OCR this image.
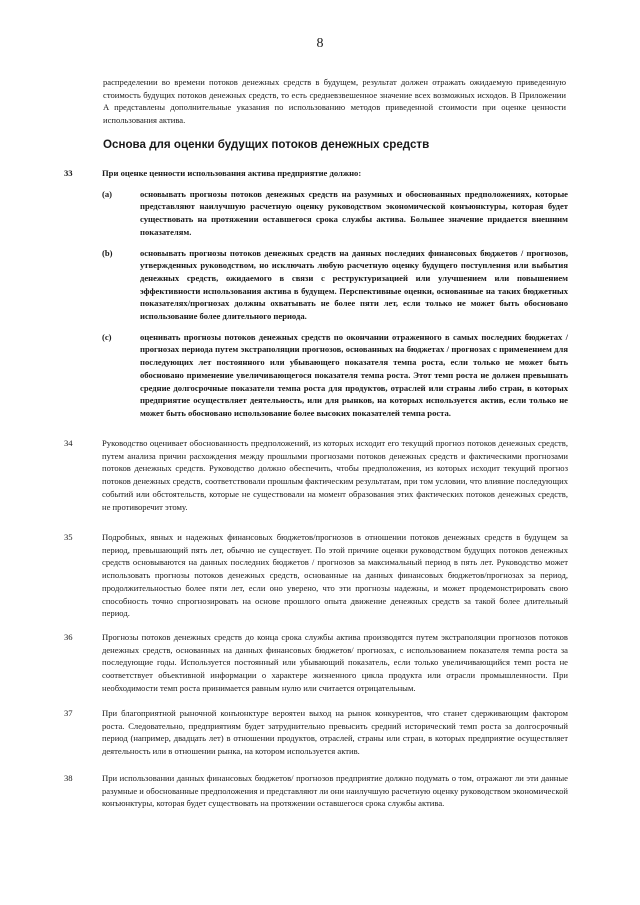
8
распределении во времени потоков денежных средств в будущем, результат должен отражать ожидаемую приведенную стоимость будущих потоков денежных средств, то есть средневзвешенное значение всех возможных исходов. В Приложении A представлены дополнительные указания по использованию методов приведенной стоимости при оценке ценности использования актива.
Основа для оценки будущих потоков денежных средств
33	При оценке ценности использования актива предприятие должно:
(a)	основывать прогнозы потоков денежных средств на разумных и обоснованных предположениях, которые представляют наилучшую расчетную оценку руководством экономической конъюнктуры, которая будет существовать на протяжении оставшегося срока службы актива. Большее значение придается внешним показателям.
(b)	основывать прогнозы потоков денежных средств на данных последних финансовых бюджетов / прогнозов, утвержденных руководством, но исключать любую расчетную оценку будущего поступления или выбытия денежных средств, ожидаемого в связи с реструктуризацией или улучшением или повышением эффективности использования актива в будущем. Перспективные оценки, основанные на таких бюджетных показателях/прогнозах должны охватывать не более пяти лет, если только не может быть обосновано использование более длительного периода.
(c)	оценивать прогнозы потоков денежных средств по окончании отраженного в самых последних бюджетах / прогнозах периода путем экстраполяции прогнозов, основанных на бюджетах / прогнозах с применением для последующих лет постоянного или убывающего показателя темпа роста, если только не может быть обосновано применение увеличивающегося показателя темпа роста. Этот темп роста не должен превышать средние долгосрочные показатели темпа роста для продуктов, отраслей или страны либо стран, в которых предприятие осуществляет деятельность, или для рынков, на которых используется актив, если только не может быть обосновано использование более высоких показателей темпа роста.
34	Руководство оценивает обоснованность предположений, из которых исходит его текущий прогноз потоков денежных средств, путем анализа причин расхождения между прошлыми прогнозами потоков денежных средств и фактическими прогнозами потоков денежных средств. Руководство должно обеспечить, чтобы предположения, из которых исходит текущий прогноз потоков денежных средств, соответствовали прошлым фактическим результатам, при том условии, что влияние последующих событий или обстоятельств, которые не существовали на момент образования этих фактических потоков денежных средств, не противоречит этому.
35	Подробных, явных и надежных финансовых бюджетов/прогнозов в отношении потоков денежных средств в будущем за период, превышающий пять лет, обычно не существует. По этой причине оценки руководством будущих потоков денежных средств основываются на данных последних бюджетов / прогнозов за максимальный период в пять лет. Руководство может использовать прогнозы потоков денежных средств, основанные на данных финансовых бюджетов/прогнозах за период, продолжительностью более пяти лет, если оно уверено, что эти прогнозы надежны, и может продемонстрировать свою способность точно спрогнозировать на основе прошлого опыта движение денежных средств за такой более длительный период.
36	Прогнозы потоков денежных средств до конца срока службы актива производятся путем экстраполяции прогнозов потоков денежных средств, основанных на данных финансовых бюджетов/ прогнозах, с использованием показателя темпа роста за последующие годы. Используется постоянный или убывающий показатель, если только увеличивающийся темп роста не соответствует объективной информации о характере жизненного цикла продукта или отрасли промышленности. При необходимости темп роста принимается равным нулю или считается отрицательным.
37	При благоприятной рыночной конъюнктуре вероятен выход на рынок конкурентов, что станет сдерживающим фактором роста. Следовательно, предприятиям будет затруднительно превысить средний исторический темп роста за долгосрочный период (например, двадцать лет) в отношении продуктов, отраслей, страны или стран, в которых предприятие осуществляет деятельность или в отношении рынка, на котором используется актив.
38	При использовании данных финансовых бюджетов/ прогнозов предприятие должно подумать о том, отражают ли эти данные разумные и обоснованные предположения и представляют ли они наилучшую расчетную оценку руководством экономической конъюнктуры, которая будет существовать на протяжении оставшегося срока службы актива.
